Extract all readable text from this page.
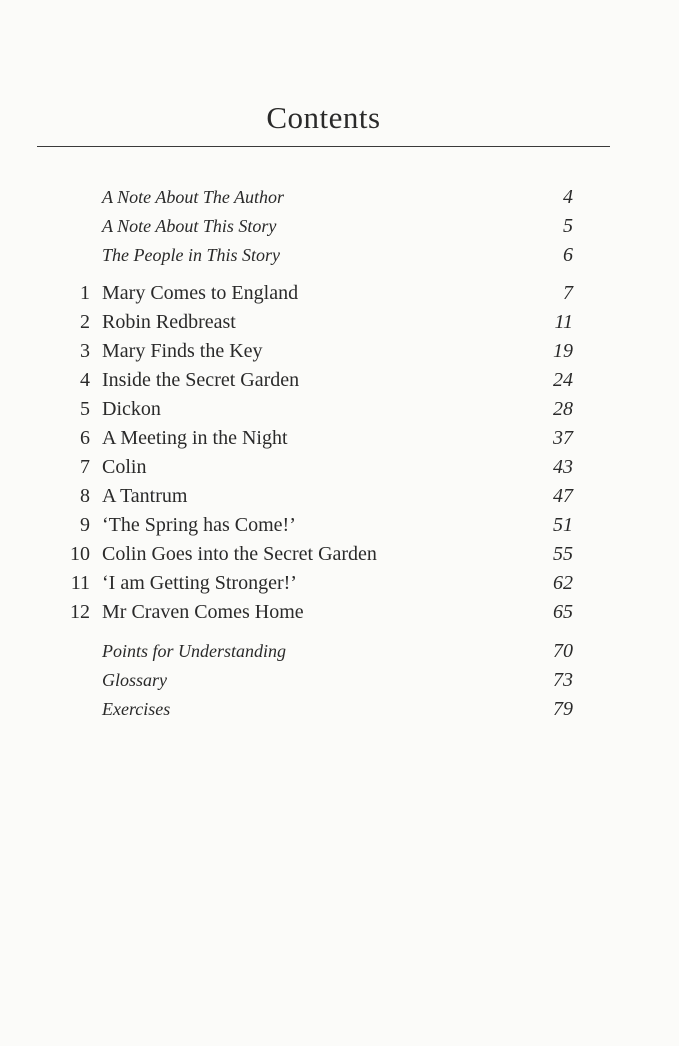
Contents
A Note About The Author	4
A Note About This Story	5
The People in This Story	6
1 Mary Comes to England	7
2 Robin Redbreast	11
3 Mary Finds the Key	19
4 Inside the Secret Garden	24
5 Dickon	28
6 A Meeting in the Night	37
7 Colin	43
8 A Tantrum	47
9 ‘The Spring has Come!’	51
10 Colin Goes into the Secret Garden	55
11 ‘I am Getting Stronger!’	62
12 Mr Craven Comes Home	65
Points for Understanding	70
Glossary	73
Exercises	79
